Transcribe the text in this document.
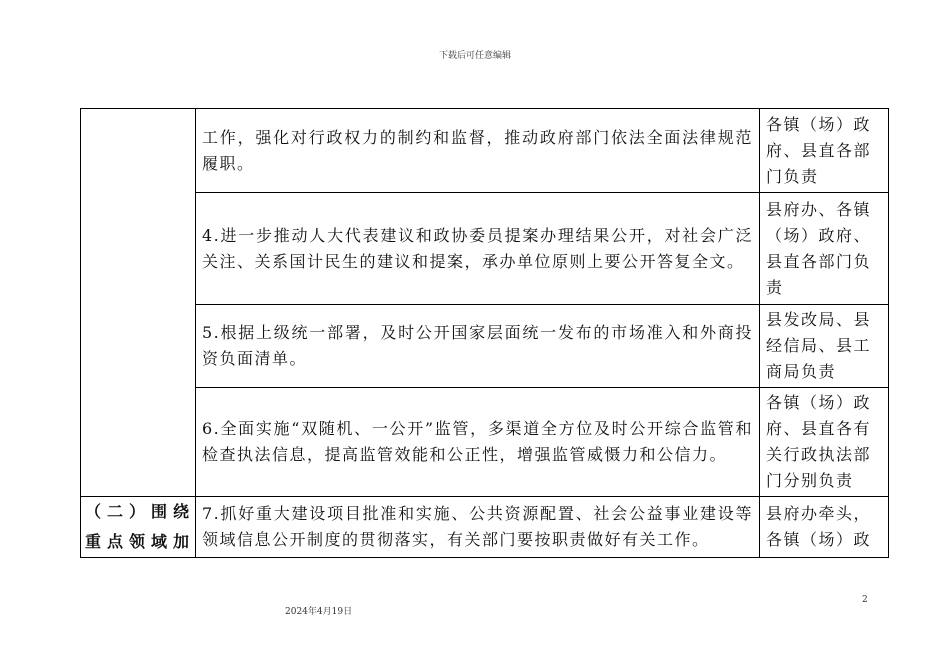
下载后可任意编辑

	工作，强化对行政权力的制约和监督，推动政府部门依法全面法律规范履职。	各镇（场）政府、县直各部门负责

	4.进一步推动人大代表建议和政协委员提案办理结果公开，对社会广泛关注、关系国计民生的建议和提案，承办单位原则上要公开答复全文。	县府办、各镇（场）政府、县直各部门负责

	5.根据上级统一部署，及时公开国家层面统一发布的市场准入和外商投资负面清单。	县发改局、县经信局、县工商局负责

	6.全面实施“双随机、一公开”监管，多渠道全方位及时公开综合监管和检查执法信息，提高监管效能和公正性，增强监管威慑力和公信力。	各镇（场）政府、县直各有关行政执法部门分别负责

（二）围绕重点领域加	7.抓好重大建设项目批准和实施、公共资源配置、社会公益事业建设等领域信息公开制度的贯彻落实，有关部门要按职责做好有关工作。	县府办牵头，各镇（场）政
2024年4月19日
2
